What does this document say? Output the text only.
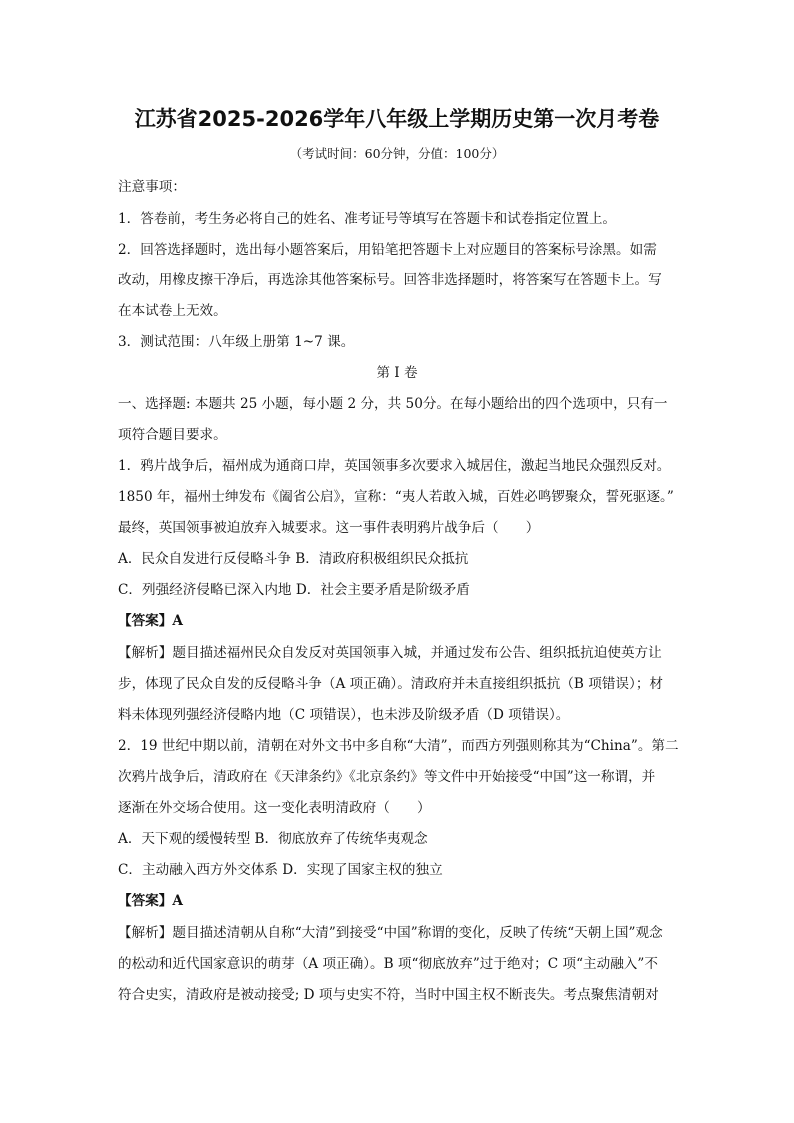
江苏省2025-2026学年八年级上学期历史第一次月考卷
（考试时间：60分钟，分值：100分）
注意事项：
1．答卷前，考生务必将自己的姓名、准考证号等填写在答题卡和试卷指定位置上。
2．回答选择题时，选出每小题答案后，用铅笔把答题卡上对应题目的答案标号涂黑。如需
改动，用橡皮擦干净后，再选涂其他答案标号。回答非选择题时，将答案写在答题卡上。写
在本试卷上无效。
3．测试范围：八年级上册第 1~7 课。
第 I 卷
一、选择题: 本题共 25 小题，每小题 2 分，共 50分。在每小题给出的四个选项中，只有一
项符合题目要求。
1．鸦片战争后，福州成为通商口岸，英国领事多次要求入城居住，激起当地民众强烈反对。
1850 年，福州士绅发布《阖省公启》，宣称：“夷人若敢入城，百姓必鸣锣聚众，誓死驱逐。”
最终，英国领事被迫放弃入城要求。这一事件表明鸦片战争后（　　）
A．民众自发进行反侵略斗争 B．清政府积极组织民众抵抗
C．列强经济侵略已深入内地 D．社会主要矛盾是阶级矛盾
【答案】A
【解析】题目描述福州民众自发反对英国领事入城，并通过发布公告、组织抵抗迫使英方让
步，体现了民众自发的反侵略斗争（A 项正确）。清政府并未直接组织抵抗（B 项错误）；材
料未体现列强经济侵略内地（C 项错误），也未涉及阶级矛盾（D 项错误）。
2．19 世纪中期以前，清朝在对外文书中多自称“大清”，而西方列强则称其为“China”。第二
次鸦片战争后，清政府在《天津条约》《北京条约》等文件中开始接受“中国”这一称谓，并
逐渐在外交场合使用。这一变化表明清政府（　　）
A．天下观的缓慢转型 B．彻底放弃了传统华夷观念
C．主动融入西方外交体系 D．实现了国家主权的独立
【答案】A
【解析】题目描述清朝从自称“大清”到接受“中国”称谓的变化，反映了传统“天朝上国”观念
的松动和近代国家意识的萌芽（A 项正确）。B 项“彻底放弃”过于绝对；C 项“主动融入”不
符合史实，清政府是被动接受; D 项与史实不符，当时中国主权不断丧失。考点聚焦清朝对
